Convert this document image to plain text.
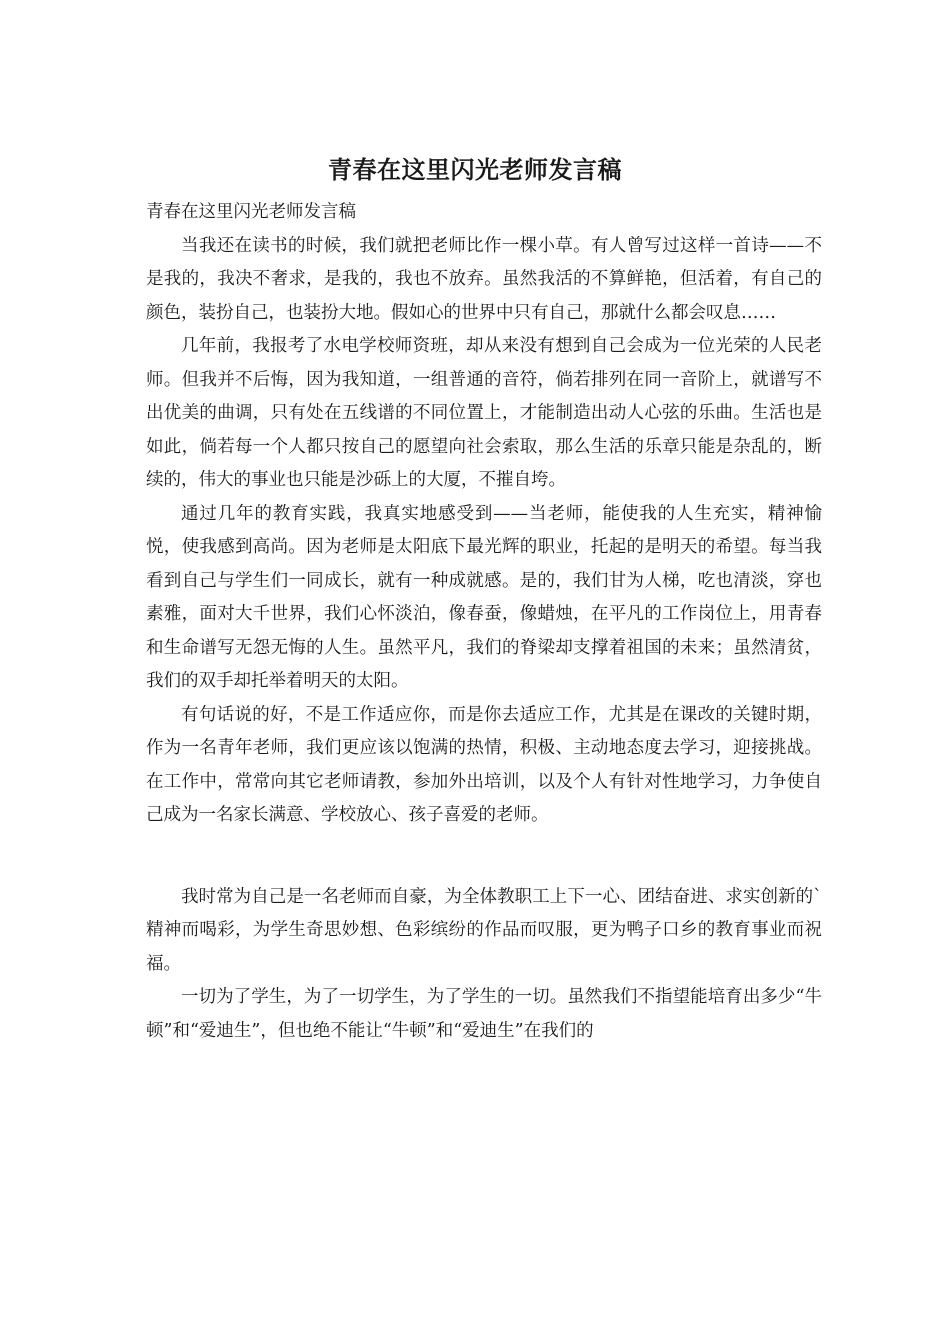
青春在这里闪光老师发言稿

青春在这里闪光老师发言稿

当我还在读书的时候，我们就把老师比作一棵小草。有人曾写过这样一首诗——不是我的，我决不奢求，是我的，我也不放弃。虽然我活的不算鲜艳，但活着，有自己的颜色，装扮自己，也装扮大地。假如心的世界中只有自己，那就什么都会叹息……

几年前，我报考了水电学校师资班，却从来没有想到自己会成为一位光荣的人民老师。但我并不后悔，因为我知道，一组普通的音符，倘若排列在同一音阶上，就谱写不出优美的曲调，只有处在五线谱的不同位置上，才能制造出动人心弦的乐曲。生活也是如此，倘若每一个人都只按自己的愿望向社会索取，那么生活的乐章只能是杂乱的，断续的，伟大的事业也只能是沙砾上的大厦，不摧自垮。

通过几年的教育实践，我真实地感受到——当老师，能使我的人生充实，精神愉悦，使我感到高尚。因为老师是太阳底下最光辉的职业，托起的是明天的希望。每当我看到自己与学生们一同成长，就有一种成就感。是的，我们甘为人梯，吃也清淡，穿也素雅，面对大千世界，我们心怀淡泊，像春蚕，像蜡烛，在平凡的工作岗位上，用青春和生命谱写无怨无悔的人生。虽然平凡，我们的脊梁却支撑着祖国的未来；虽然清贫，我们的双手却托举着明天的太阳。

有句话说的好，不是工作适应你，而是你去适应工作，尤其是在课改的关键时期，作为一名青年老师，我们更应该以饱满的热情，积极、主动地态度去学习，迎接挑战。在工作中，常常向其它老师请教，参加外出培训，以及个人有针对性地学习，力争使自己成为一名家长满意、学校放心、孩子喜爱的老师。

我时常为自己是一名老师而自豪，为全体教职工上下一心、团结奋进、求实创新的`精神而喝彩，为学生奇思妙想、色彩缤纷的作品而叹服，更为鸭子口乡的教育事业而祝福。

一切为了学生，为了一切学生，为了学生的一切。虽然我们不指望能培育出多少“牛顿”和“爱迪生”，但也绝不能让“牛顿”和“爱迪生”在我们的
